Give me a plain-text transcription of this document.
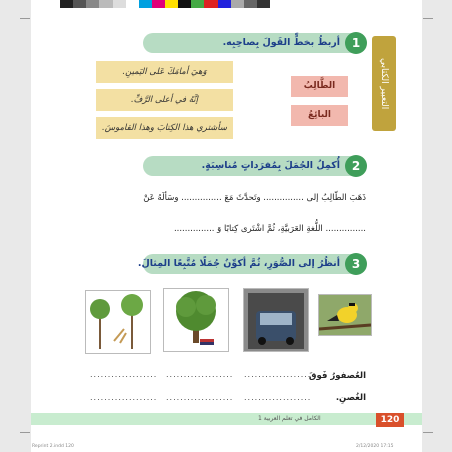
التعبير الكتابي
1
أربطُ بخطٍّ القَولَ بِصاحِبِه.
وَهيَ أمامَكَ عَلى اليَمينِ.
إنَّهُ في أعلى الرَّفِّ.
سأشتري هذا الكِتابَ وهذا القاموسَ.
الطَّالِبُ
البائِعُ
2
أُكمِلُ الجُمَلَ بِمُفرَداتٍ مُناسِبَةٍ.
ذَهَبَ الطّالِبُ إلى ............... وتَحدَّثَ مَعَ ............... وسَألَهُ عَنْ
............... اللُّغةِ العَرَبيَّةِ، ثُمَّ اشْتَرى كِتابًا وَ ...............
3
أنظُرُ إلى الصُّوَرِ، ثُمَّ أكوِّنُ جُمَلًا مُتَّبِعًا المِثالَ.
العُصفورُ فَوقَ
الغُصنِ.
...................
...................
...................
...................
...................
...................
120
الكامل في تعلم العربية 1
Reprint 2.indd 120	2/12/2020 17:15
